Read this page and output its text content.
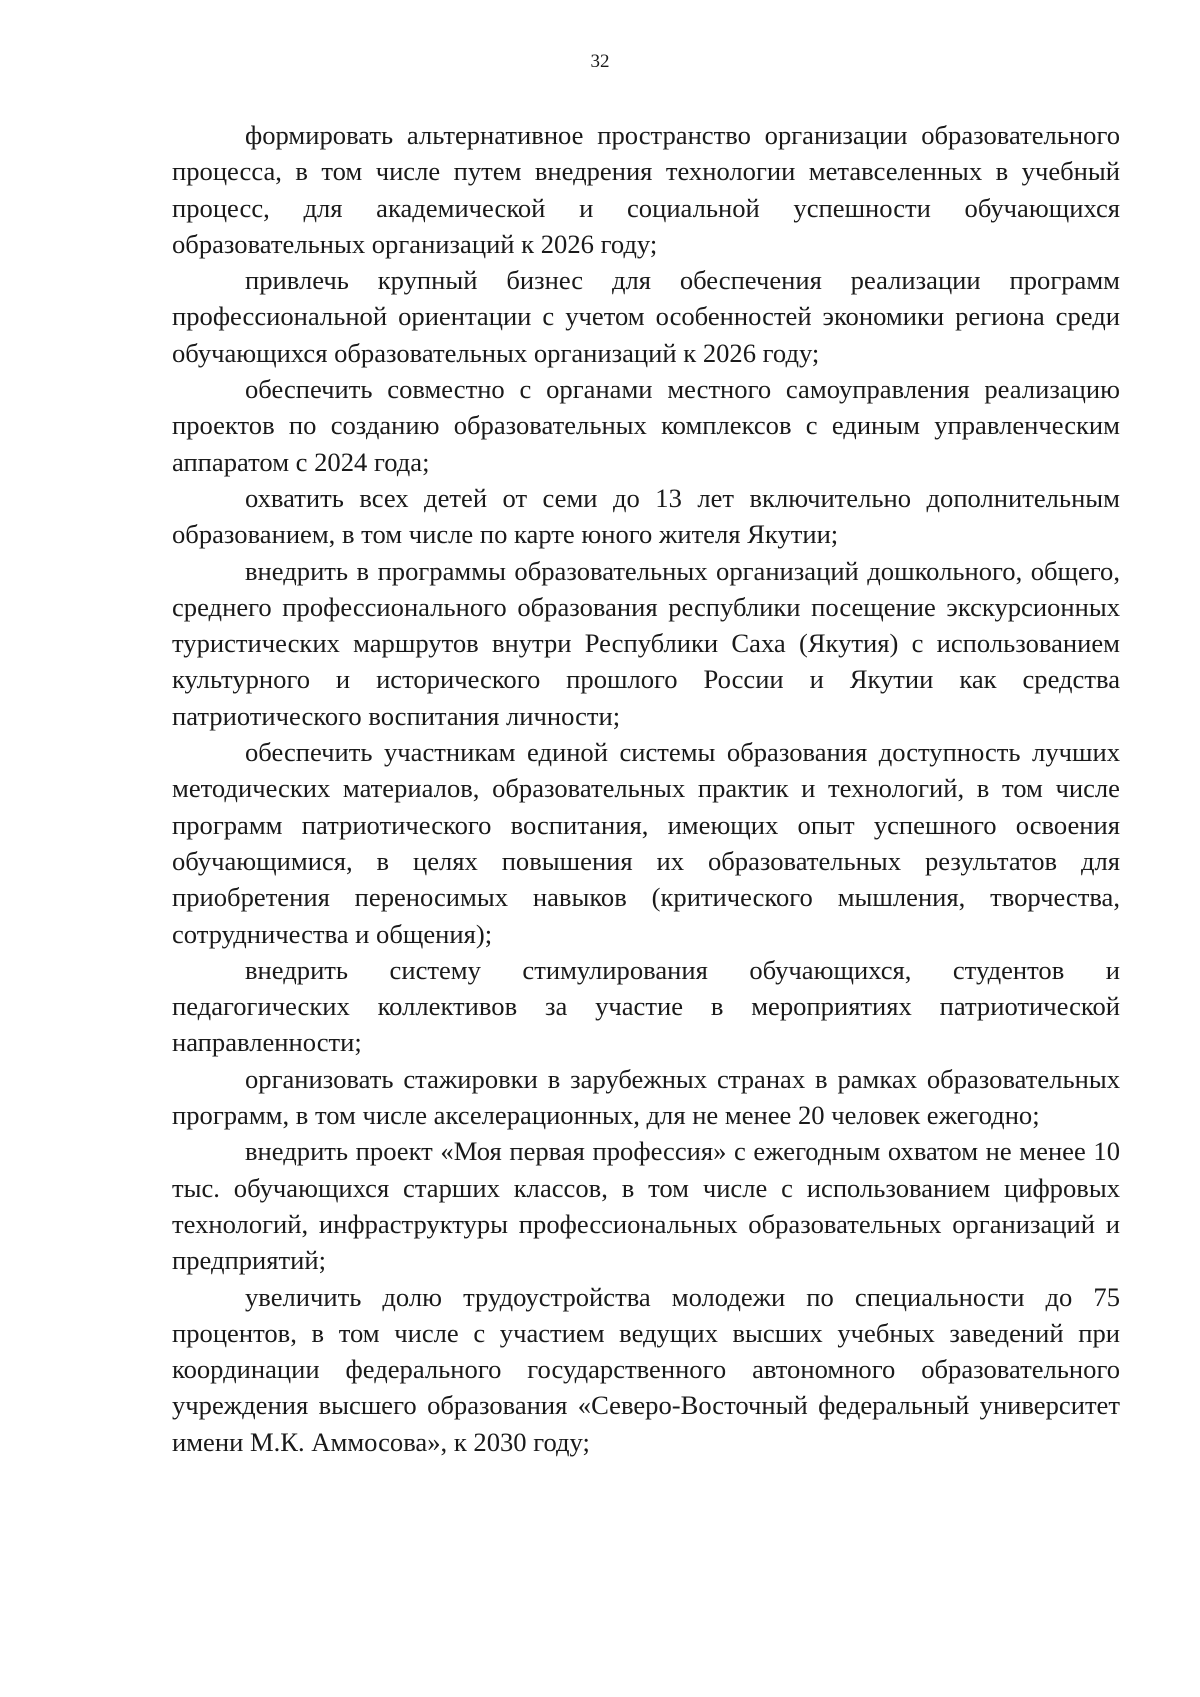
32

формировать альтернативное пространство организации образовательного процесса, в том числе путем внедрения технологии метавселенных в учебный процесс, для академической и социальной успешности обучающихся образовательных организаций к 2026 году;

привлечь крупный бизнес для обеспечения реализации программ профессиональной ориентации с учетом особенностей экономики региона среди обучающихся образовательных организаций к 2026 году;

обеспечить совместно с органами местного самоуправления реализацию проектов по созданию образовательных комплексов с единым управленческим аппаратом с 2024 года;

охватить всех детей от семи до 13 лет включительно дополнительным образованием, в том числе по карте юного жителя Якутии;

внедрить в программы образовательных организаций дошкольного, общего, среднего профессионального образования республики посещение экскурсионных туристических маршрутов внутри Республики Саха (Якутия) с использованием культурного и исторического прошлого России и Якутии как средства патриотического воспитания личности;

обеспечить участникам единой системы образования доступность лучших методических материалов, образовательных практик и технологий, в том числе программ патриотического воспитания, имеющих опыт успешного освоения обучающимися, в целях повышения их образовательных результатов для приобретения переносимых навыков (критического мышления, творчества, сотрудничества и общения);

внедрить систему стимулирования обучающихся, студентов и педагогических коллективов за участие в мероприятиях патриотической направленности;

организовать стажировки в зарубежных странах в рамках образовательных программ, в том числе акселерационных, для не менее 20 человек ежегодно;

внедрить проект «Моя первая профессия» с ежегодным охватом не менее 10 тыс. обучающихся старших классов, в том числе с использованием цифровых технологий, инфраструктуры профессиональных образовательных организаций и предприятий;

увеличить долю трудоустройства молодежи по специальности до 75 процентов, в том числе с участием ведущих высших учебных заведений при координации федерального государственного автономного образовательного учреждения высшего образования «Северо-Восточный федеральный университет имени М.К. Аммосова», к 2030 году;
